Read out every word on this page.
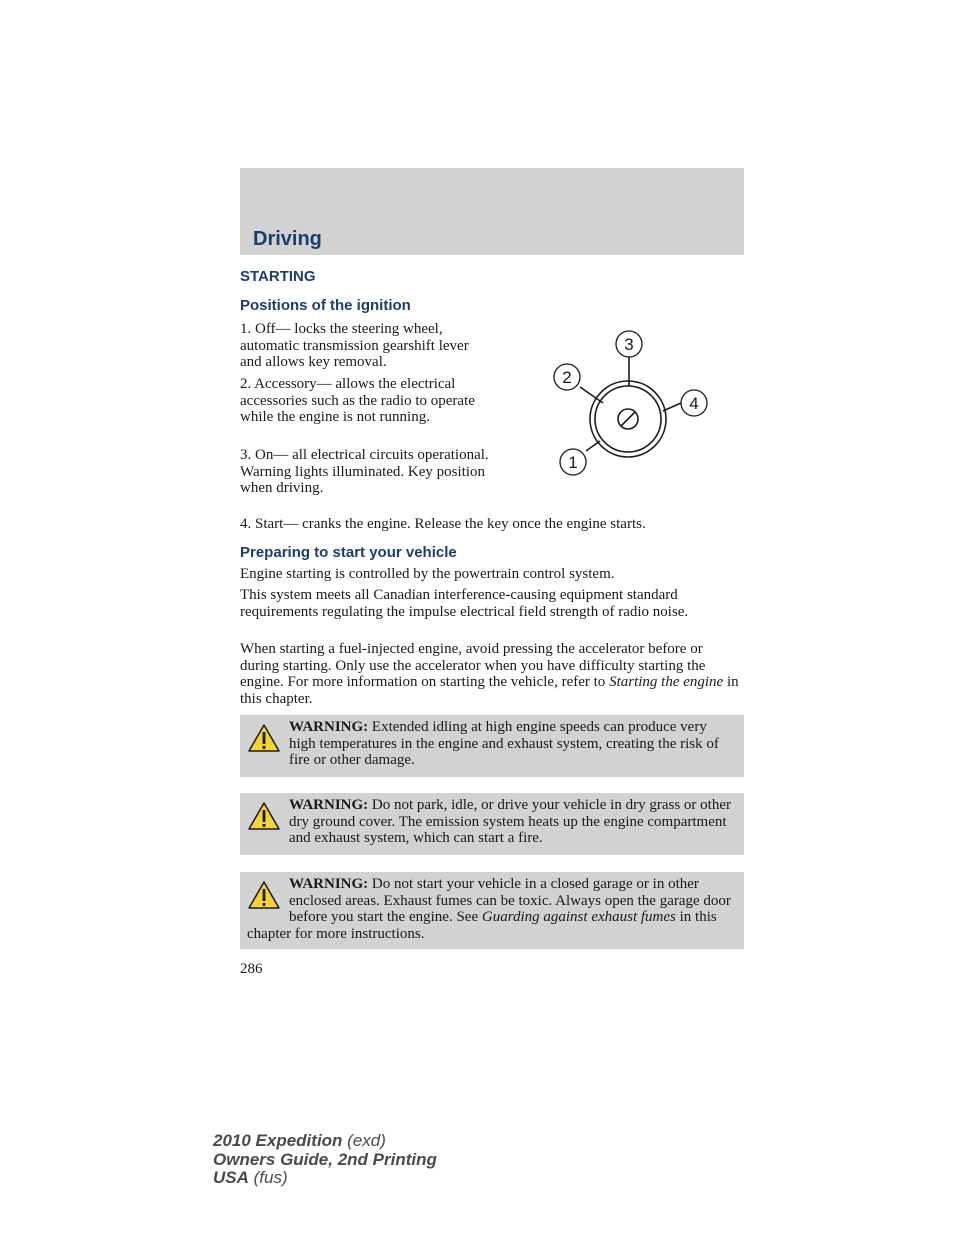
Driving
STARTING
Positions of the ignition

1. Off— locks the steering wheel, automatic transmission gearshift lever and allows key removal.

2. Accessory— allows the electrical accessories such as the radio to operate while the engine is not running.

3. On— all electrical circuits operational. Warning lights illuminated. Key position when driving.

4. Start— cranks the engine. Release the key once the engine starts.

1
2
3
4
Preparing to start your vehicle

Engine starting is controlled by the powertrain control system.

This system meets all Canadian interference-causing equipment standard requirements regulating the impulse electrical field strength of radio noise.

When starting a fuel-injected engine, avoid pressing the accelerator before or during starting. Only use the accelerator when you have difficulty starting the engine. For more information on starting the vehicle, refer to Starting the engine in this chapter.

WARNING: Extended idling at high engine speeds can produce very high temperatures in the engine and exhaust system, creating the risk of fire or other damage.
WARNING: Do not park, idle, or drive your vehicle in dry grass or other dry ground cover. The emission system heats up the engine compartment and exhaust system, which can start a fire.
WARNING: Do not start your vehicle in a closed garage or in other enclosed areas. Exhaust fumes can be toxic. Always open the garage door before you start the engine. See Guarding against exhaust fumes in this chapter for more instructions.
286
2010 Expedition (exd)
Owners Guide, 2nd Printing
USA (fus)
